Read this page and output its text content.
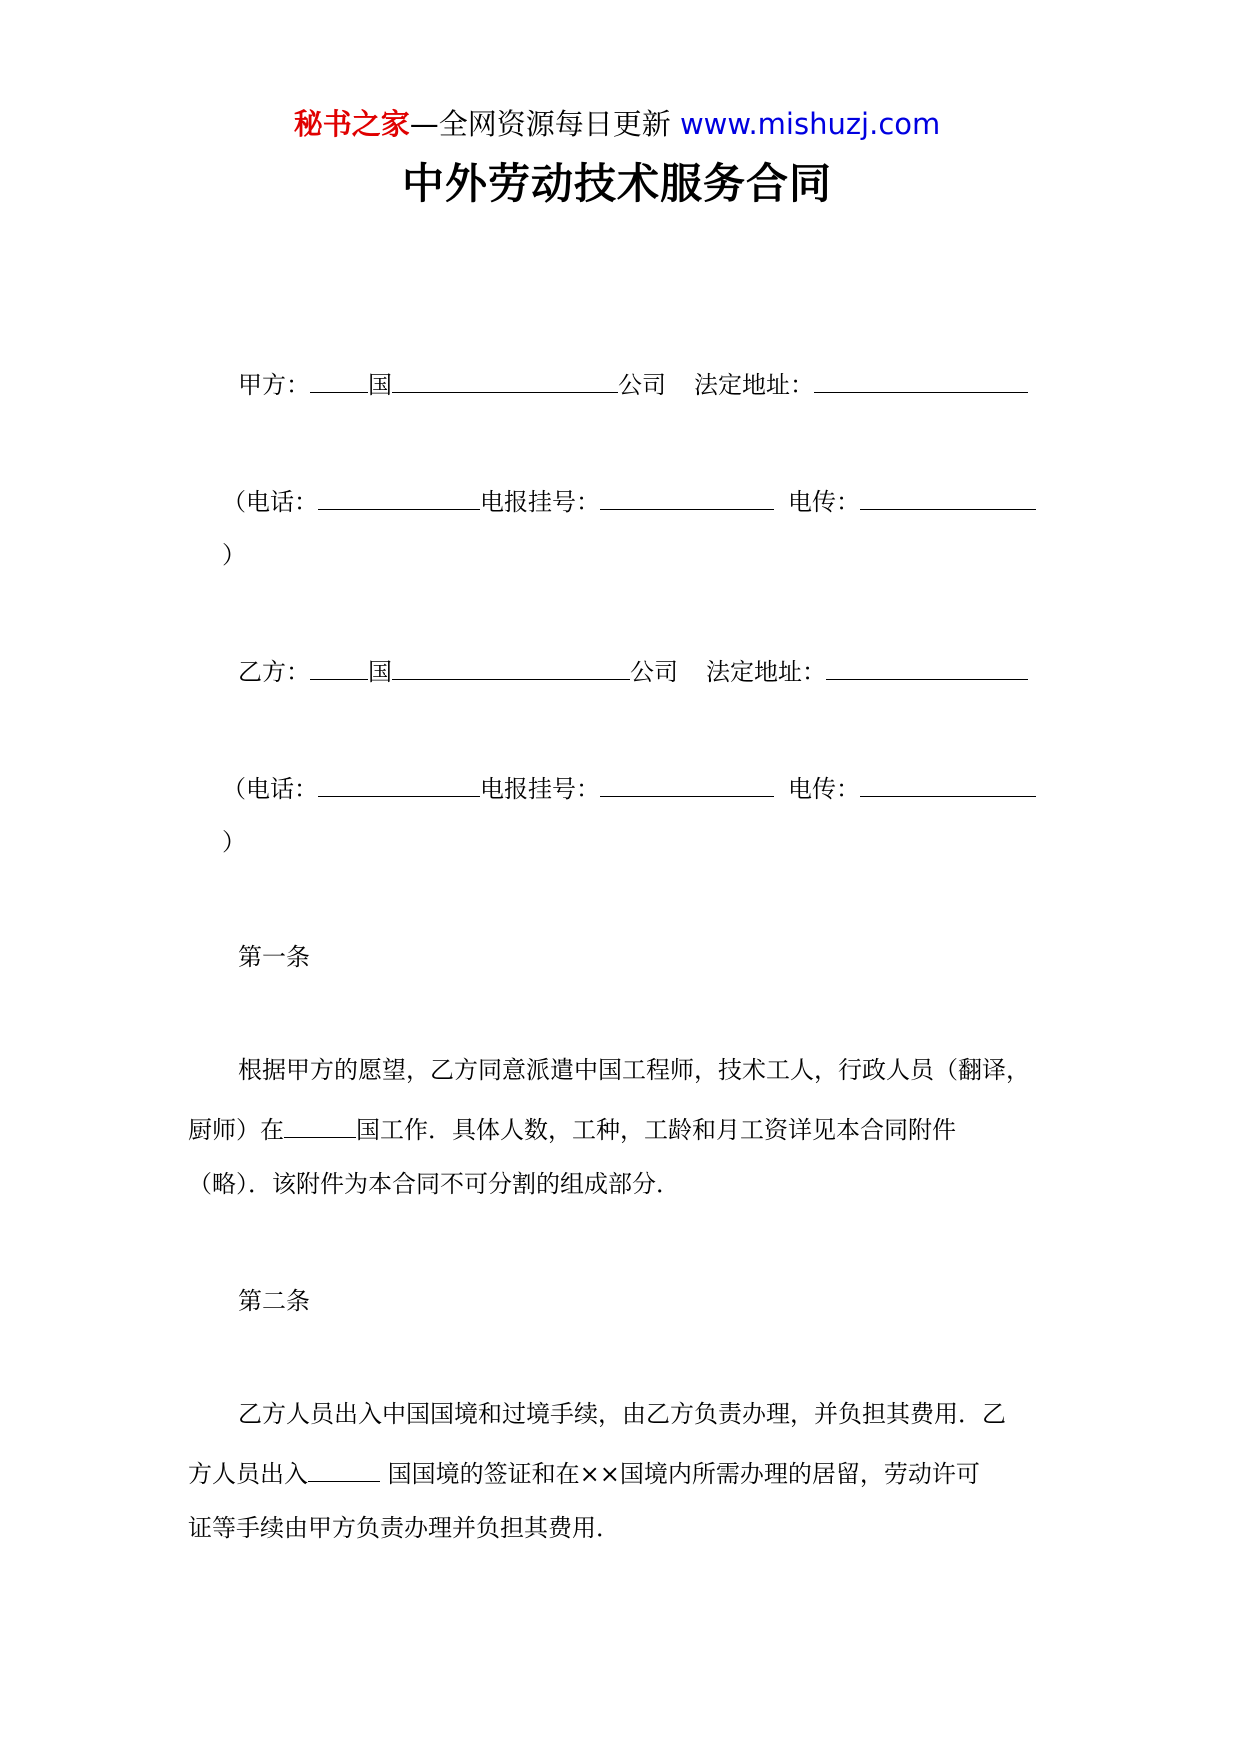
秘书之家—全网资源每日更新 www.mishuzj.com
中外劳动技术服务合同
甲方： 国	公司 法定地址：
（电话：	电报挂号：	电传：
）
乙方： 国	公司 法定地址：
（电话：	电报挂号：	电传：
）
第一条
根据甲方的愿望，乙方同意派遣中国工程师，技术工人，行政人员（翻译，
厨师）在	国工作．具体人数，工种，工龄和月工资详见本合同附件
（略）．该附件为本合同不可分割的组成部分．
第二条
乙方人员出入中国国境和过境手续，由乙方负责办理，并负担其费用．乙
方人员出入	国国境的签证和在××国境内所需办理的居留，劳动许可
证等手续由甲方负责办理并负担其费用．
